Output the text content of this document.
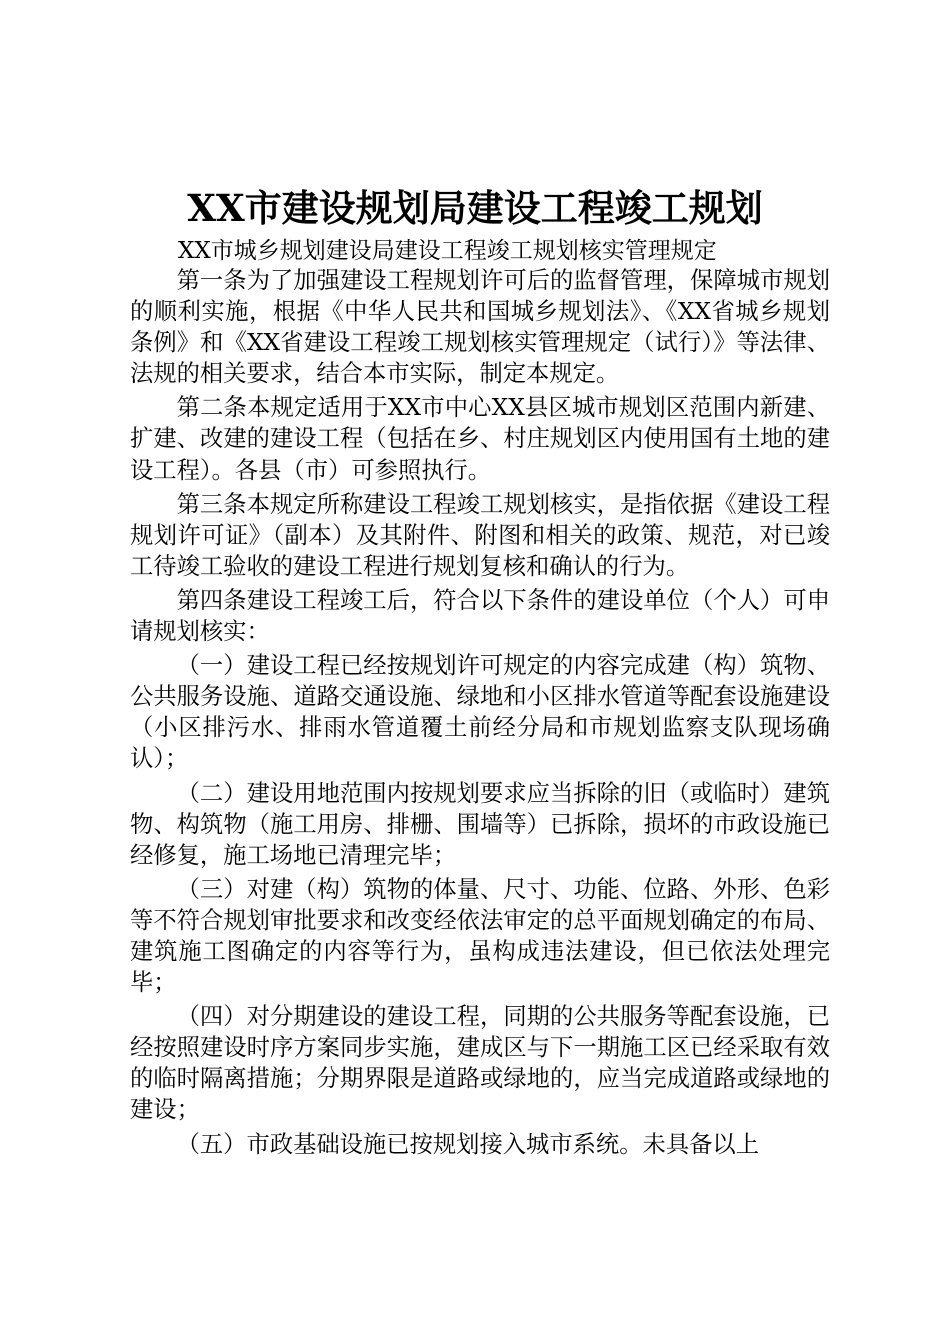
XX市建设规划局建设工程竣工规划
XX市城乡规划建设局建设工程竣工规划核实管理规定

第一条为了加强建设工程规划许可后的监督管理，保障城市规划的顺利实施，根据《中华人民共和国城乡规划法》、《XX省城乡规划条例》和《XX省建设工程竣工规划核实管理规定（试行）》等法律、法规的相关要求，结合本市实际，制定本规定。

第二条本规定适用于XX市中心XX县区城市规划区范围内新建、扩建、改建的建设工程（包括在乡、村庄规划区内使用国有土地的建设工程）。各县（市）可参照执行。

第三条本规定所称建设工程竣工规划核实，是指依据《建设工程规划许可证》（副本）及其附件、附图和相关的政策、规范，对已竣工待竣工验收的建设工程进行规划复核和确认的行为。

第四条建设工程竣工后，符合以下条件的建设单位（个人）可申请规划核实：

（一）建设工程已经按规划许可规定的内容完成建（构）筑物、公共服务设施、道路交通设施、绿地和小区排水管道等配套设施建设（小区排污水、排雨水管道覆土前经分局和市规划监察支队现场确认）；

（二）建设用地范围内按规划要求应当拆除的旧（或临时）建筑物、构筑物（施工用房、排栅、围墙等）已拆除，损坏的市政设施已经修复，施工场地已清理完毕；

（三）对建（构）筑物的体量、尺寸、功能、位路、外形、色彩等不符合规划审批要求和改变经依法审定的总平面规划确定的布局、建筑施工图确定的内容等行为，虽构成违法建设，但已依法处理完毕；

（四）对分期建设的建设工程，同期的公共服务等配套设施，已经按照建设时序方案同步实施，建成区与下一期施工区已经采取有效的临时隔离措施；分期界限是道路或绿地的，应当完成道路或绿地的建设；

（五）市政基础设施已按规划接入城市系统。未具备以上
